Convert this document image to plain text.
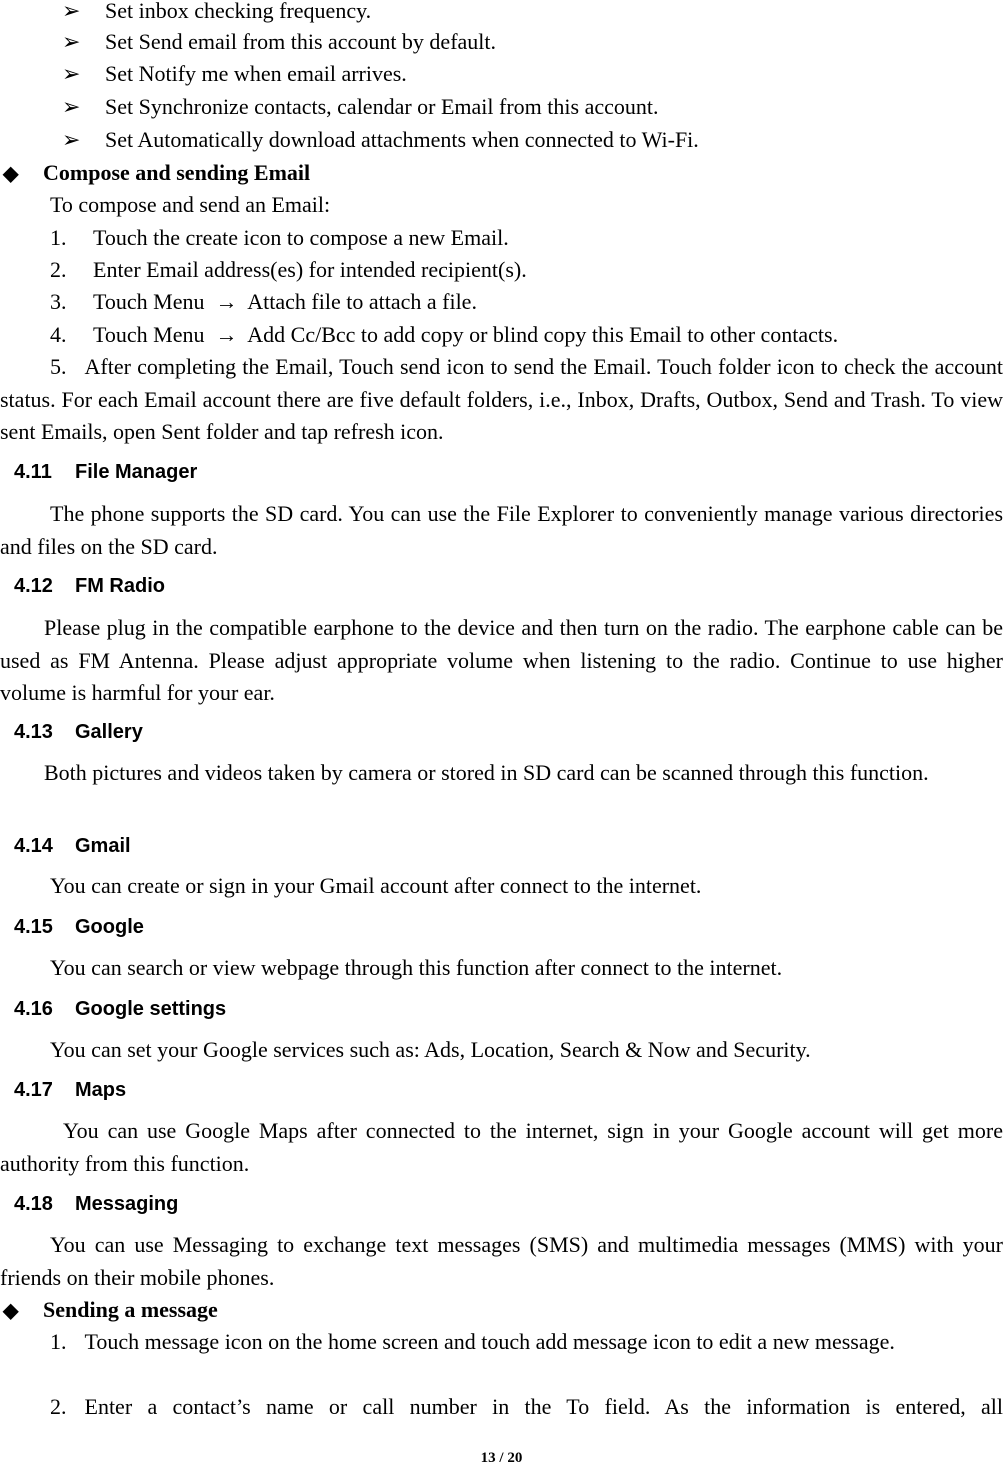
➢ Set inbox checking frequency.
➢ Set Send email from this account by default.
➢ Set Notify me when email arrives.
➢ Set Synchronize contacts, calendar or Email from this account.
➢ Set Automatically download attachments when connected to Wi-Fi.
◆ Compose and sending Email
To compose and send an Email:
1. Touch the create icon to compose a new Email.
2. Enter Email address(es) for intended recipient(s).
3. Touch Menu  →  Attach file to attach a file.
4. Touch Menu  →  Add Cc/Bcc to add copy or blind copy this Email to other contacts.
5. After completing the Email, Touch send icon to send the Email. Touch folder icon to check the account status. For each Email account there are five default folders, i.e., Inbox, Drafts, Outbox, Send and Trash. To view sent Emails, open Sent folder and tap refresh icon.
4.11 File Manager
The phone supports the SD card. You can use the File Explorer to conveniently manage various directories and files on the SD card.
4.12 FM Radio
Please plug in the compatible earphone to the device and then turn on the radio. The earphone cable can be used as FM Antenna. Please adjust appropriate volume when listening to the radio. Continue to use higher volume is harmful for your ear.
4.13 Gallery
Both pictures and videos taken by camera or stored in SD card can be scanned through this function.
4.14 Gmail
You can create or sign in your Gmail account after connect to the internet.
4.15 Google
You can search or view webpage through this function after connect to the internet.
4.16 Google settings
You can set your Google services such as: Ads, Location, Search & Now and Security.
4.17 Maps
You can use Google Maps after connected to the internet, sign in your Google account will get more authority from this function.
4.18 Messaging
You can use Messaging to exchange text messages (SMS) and multimedia messages (MMS) with your friends on their mobile phones.
◆ Sending a message
1. Touch message icon on the home screen and touch add message icon to edit a new message.
2. Enter a contact’s name or call number in the To field. As the information is entered, all
13 / 20
